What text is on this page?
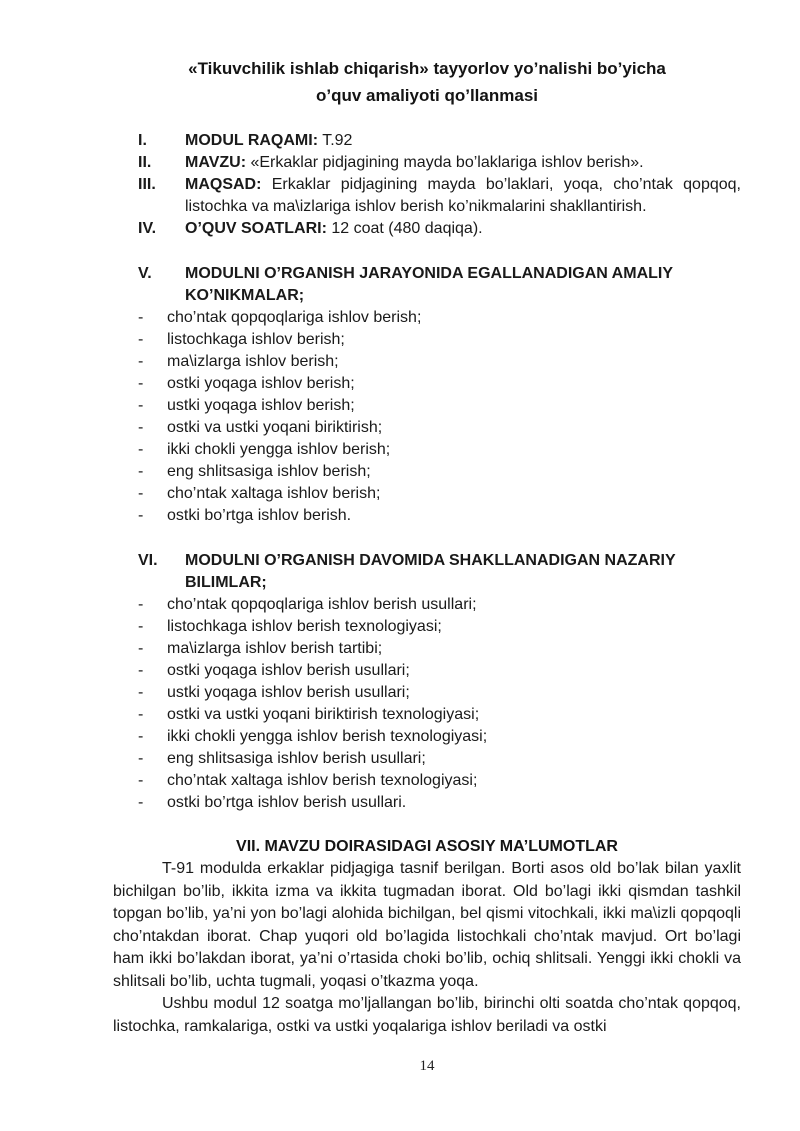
«Tikuvchilik ishlab chiqarish» tayyorlov yo’nalishi bo’yicha
o’quv amaliyoti qo’llanmasi
I.	MODUL RAQAMI: T.92
II.	MAVZU: «Erkaklar pidjagining mayda bo’laklariga ishlov berish».
III.	MAQSAD: Erkaklar pidjagining mayda bo’laklari, yoqa, cho’ntak qopqoq, listochka va ma\izlariga ishlov berish ko’nikmalarini shakllantirish.
IV.	O’QUV SOATLARI: 12 coat (480 daqiqa).
V.	MODULNI O’RGANISH JARAYONIDA EGALLANADIGAN AMALIY KO’NIKMALAR;
-	cho’ntak qopqoqlariga ishlov berish;
-	listochkaga ishlov berish;
-	ma\izlarga ishlov berish;
-	ostki yoqaga ishlov berish;
-	ustki yoqaga ishlov berish;
-	ostki va ustki yoqani biriktirish;
-	ikki chokli yengga ishlov berish;
-	eng shlitsasiga ishlov berish;
-	cho’ntak xaltaga ishlov berish;
-	ostki bo’rtga ishlov berish.
VI.	MODULNI O’RGANISH DAVOMIDA SHAKLLANADIGAN NAZARIY BILIMLAR;
-	cho’ntak qopqoqlariga ishlov berish usullari;
-	listochkaga ishlov berish texnologiyasi;
-	ma\izlarga ishlov berish tartibi;
-	ostki yoqaga ishlov berish usullari;
-	ustki yoqaga ishlov berish usullari;
-	ostki va ustki yoqani biriktirish texnologiyasi;
-	ikki chokli yengga ishlov berish texnologiyasi;
-	eng shlitsasiga ishlov berish usullari;
-	cho’ntak xaltaga ishlov berish texnologiyasi;
-	ostki bo’rtga ishlov berish usullari.
VII. MAVZU DOIRASIDAGI ASOSIY MA’LUMOTLAR

T-91 modulda erkaklar pidjagiga tasnif berilgan. Borti asos old bo’lak bilan yaxlit bichilgan bo’lib, ikkita izma va ikkita tugmadan iborat. Old bo’lagi ikki qismdan tashkil topgan bo’lib, ya’ni yon bo’lagi alohida bichilgan, bel qismi vitochkali, ikki ma\izli qopqoqli cho’ntakdan iborat. Chap yuqori old bo’lagida listochkali cho’ntak mavjud. Ort bo’lagi ham ikki bo’lakdan iborat, ya’ni o’rtasida choki bo’lib, ochiq shlitsali. Yenggi ikki chokli va shlitsali bo’lib, uchta tugmali, yoqasi o’tkazma yoqa.

Ushbu modul 12 soatga mo’ljallangan bo’lib, birinchi olti soatda cho’ntak qopqoq, listochka, ramkalariga, ostki va ustki yoqalariga ishlov beriladi va ostki

14
